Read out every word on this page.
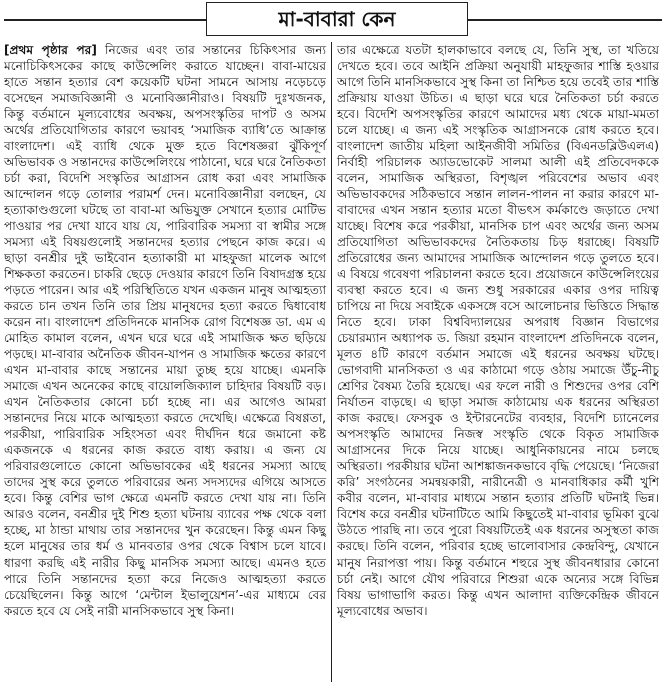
মা-বাবারা কেন

[প্রথম পৃষ্ঠার পর] নিজের এবং তার সন্তানের চিকিৎসার জন্য মনোচিকিৎসকের কাছে কাউন্সেলিং করাতে যাচ্ছেন। বাবা-মায়ের হাতে সন্তান হত্যার বেশ কয়েকটি ঘটনা সামনে আসায় নড়েচড়ে বসেছেন সমাজবিজ্ঞানী ও মনোবিজ্ঞানীরাও। বিষয়টি দুঃখজনক, কিন্তু বর্তমানে মূল্যবোধের অবক্ষয়, অপসংস্কৃতির দাপট ও অসম অর্থের প্রতিযোগিতার কারণে ভয়াবহ ‘সমাজিক ব্যাধি’তে আক্রান্ত বাংলাদেশ। এই ব্যাধি থেকে মুক্ত হতে বিশেষজ্ঞরা ঝুঁকিপূর্ণ অভিভাবক ও সন্তানদের কাউন্সেলিংয়ে পাঠানো, ঘরে ঘরে নৈতিকতা চর্চা করা, বিদেশি সংস্কৃতির আগ্রাসন রোধ করা এবং সামাজিক আন্দোলন গড়ে তোলার পরামর্শ দেন। মনোবিজ্ঞানীরা বলছেন, যে হত্যাকাণ্ডগুলো ঘটছে তা বাবা-মা অভিযুক্ত সেখানে হত্যার মোটিভ পাওয়ার পর দেখা যাবে যায় যে, পারিবারিক সমস্যা বা স্বামীর সঙ্গে সমস্যা এই বিষয়গুলোই সন্তানদের হত্যার পেছনে কাজ করে। এ ছাড়া বনশ্রীর দুই ভাইবোন হত্যাকারী মা মাহফুজা মালেক আগে শিক্ষকতা করতেন। চাকরি ছেড়ে দেওয়ার কারণে তিনি বিষাদগ্রস্ত হয়ে পড়তে পারেন। আর এই পরিস্থিতিতে যখন একজন মানুষ আত্মহত্যা করতে চান তখন তিনি তার প্রিয় মানুষদের হত্যা করতে দ্বিধাবোধ করেন না। বাংলাদেশ প্রতিদিনকে মানসিক রোগ বিশেষজ্ঞ ডা. এম এ মোহিত কামাল বলেন, এখন ঘরে ঘরে এই সামাজিক ক্ষত ছড়িয়ে পড়ছে। মা-বাবার অনৈতিক জীবন-যাপন ও সামাজিক ক্ষতের কারণে এখন মা-বাবার কাছে সন্তানের মায়া তুচ্ছ হয়ে যাচ্ছে। এমনকি সমাজে এখন অনেকের কাছে বায়োলজিক্যাল চাহিদার বিষয়টি বড়। এখন নৈতিকতার কোনো চর্চা হচ্ছে না। এর আগেও আমরা সন্তানদের নিয়ে মাকে আত্মহত্যা করতে দেখেছি। এক্ষেত্রে বিষণ্ণতা, পরকীয়া, পারিবারিক সহিংসতা এবং দীর্ঘদিন ধরে জমানো কষ্ট একজনকে এ ধরনের কাজ করতে বাধ্য করায়। এ জন্য যে পরিবারগুলোতে কোনো অভিভাবকের এই ধরনের সমস্যা আছে তাদের সুস্থ করে তুলতে পরিবারের অন্য সদস্যদের এগিয়ে আসতে হবে। কিন্তু বেশির ভাগ ক্ষেত্রে এমনটি করতে দেখা যায় না। তিনি আরও বলেন, বনশ্রীর দুই শিশু হত্যা ঘটনায় ব্যাবের পক্ষ থেকে বলা হচ্ছে, মা ঠান্ডা মাথায় তার সন্তানদের খুন করেছেন। কিন্তু এমন কিছু হলে মানুষের তার ধর্ম ও মানবতার ওপর থেকে বিশ্বাস চলে যাবে। ধারণা করছি এই নারীর কিছু মানসিক সমস্যা আছে। এমনও হতে পারে তিনি সন্তানদের হত্যা করে নিজেও আত্মহত্যা করতে চেয়েছিলেন। কিন্তু আগে ‘মেন্টাল ইভালুয়েশন’-এর মাধ্যমে বের করতে হবে যে সেই নারী মানসিকভাবে সুস্থ কিনা।

তার এক্ষেত্রে যতটা হালকাভাবে বলছে যে, তিনি সুস্থ, তা খতিয়ে দেখতে হবে। তবে আইনি প্রক্রিয়া অনুযায়ী মাহফুজার শাস্তি হওয়ার আগে তিনি মানসিকভাবে সুস্থ কিনা তা নিশ্চিত হয়ে তবেই তার শাস্তি প্রক্রিয়ায় যাওয়া উচিত। এ ছাড়া ঘরে ঘরে নৈতিকতা চর্চা করতে হবে। বিদেশি অপসংস্কৃতির কারণে আমাদের মধ্য থেকে মায়া-মমতা চলে যাচ্ছে। এ জন্য এই সংস্কৃতিক আগ্রাসনকে রোধ করতে হবে। বাংলাদেশ জাতীয় মহিলা আইনজীবী সমিতির (বিএনডব্লিউএলএ) নির্বাহী পরিচালক অ্যাডভোকেট সালমা আলী এই প্রতিবেদককে বলেন, সামাজিক অস্থিরতা, বিশৃঙ্খল পরিবেশের অভাব এবং অভিভাবকদের সঠিকভাবে সন্তান লালন-পালন না করার কারণে মা-বাবাদের এখন সন্তান হত্যার মতো বীভৎস কর্মকাণ্ডে জড়াতে দেখা যাচ্ছে। বিশেষ করে পরকীয়া, মানসিক চাপ এবং অর্থের জন্য অসম প্রতিযোগিতা অভিভাবকদের নৈতিকতায় চিড় ধরাচ্ছে। বিষয়টি প্রতিরোধের জন্য আমাদের সামাজিক আন্দোলন গড়ে তুলতে হবে। এ বিষয়ে গবেষণা পরিচালনা করতে হবে। প্রয়োজনে কাউন্সেলিংয়ের ব্যবস্থা করতে হবে। এ জন্য শুধু সরকারের একার ওপর দায়িত্ব চাপিয়ে না দিয়ে সবাইকে একসঙ্গে বসে আলোচনার ভিত্তিতে সিদ্ধান্ত নিতে হবে। ঢাকা বিশ্ববিদ্যালয়ের অপরাধ বিজ্ঞান বিভাগের চেয়ারম্যান অধ্যাপক ড. জিয়া রহমান বাংলাদেশ প্রতিদিনকে বলেন, মূলত ৪টি কারণে বর্তমান সমাজে এই ধরনের অবক্ষয় ঘটছে। ভোগবাদী মানসিকতা ও এর কাঠামো গড়ে ওঠায় সমাজে উঁচু-নীচু শ্রেণির বৈষম্য তৈরি হয়েছে। এর ফলে নারী ও শিশুদের ওপর বেশি নির্যাতন বাড়ছে। এ ছাড়া সমাজ কাঠামোয় এক ধরনের অস্থিরতা কাজ করছে। ফেসবুক ও ইন্টারনেটের ব্যবহার, বিদেশি চ্যানেলের অপসংস্কৃতি আমাদের নিজস্ব সংস্কৃতি থেকে বিকৃত সামাজিক আগ্রাসনের দিকে নিয়ে যাচ্ছে। আধুনিকায়নের নামে চলছে অস্থিরতা। পরকীয়ার ঘটনা আশঙ্কাজনকভাবে বৃদ্ধি পেয়েছে। ‘নিজেরা করি’ সংগঠনের সমন্বয়কারী, নারীনেত্রী ও মানবাধিকার কর্মী খুশি কবীর বলেন, মা-বাবার মাধ্যমে সন্তান হত্যার প্রতিটি ঘটনাই ভিন্ন। বিশেষ করে বনশ্রীর ঘটনাটিতে আমি কিছুতেই মা-বাবার ভূমিকা বুঝে উঠতে পারছি না। তবে পুরো বিষয়টিতেই এক ধরনের অসুস্থতা কাজ করছে। তিনি বলেন, পরিবার হচ্ছে ভালোবাসার কেন্দ্রবিন্দু, যেখানে মানুষ নিরাপত্তা পায়। কিন্তু বর্তমানে শহুরে সুস্থ জীবনধারার কোনো চর্চা নেই। আগে যৌথ পরিবারে শিশুরা একে অন্যের সঙ্গে বিভিন্ন বিষয় ভাগাভাগি করত। কিন্তু এখন আলাদা ব্যক্তিকেন্দ্রিক জীবনে মূল্যবোধের অভাব।
